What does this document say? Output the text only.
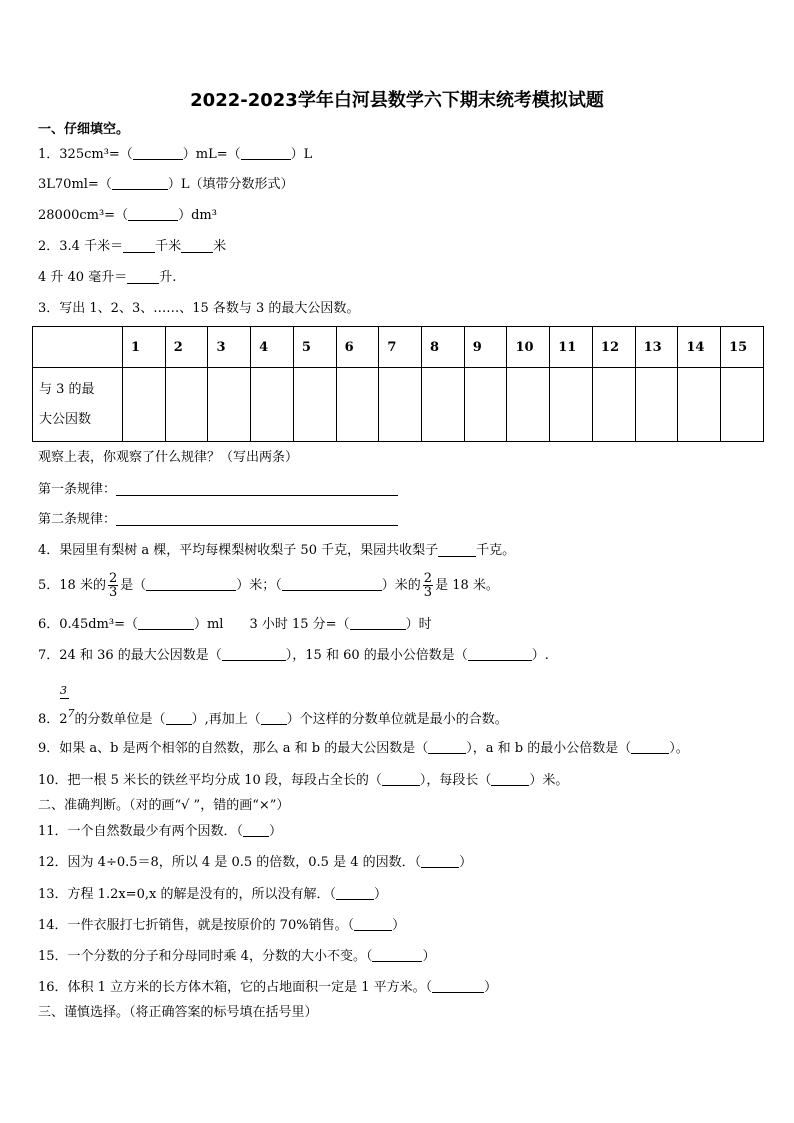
2022-2023学年白河县数学六下期末统考模拟试题
一、仔细填空。
1．325cm³=（	）mL=（	）L
3L70ml=（	）L（填带分数形式）
28000cm³=（	）dm³
2．3.4 千米＝ 千米 米
4 升 40 毫升＝ 升.
3．写出 1、2、3、……、15 各数与 3 的最大公因数。
	1	2	3	4	5	6	7	8	9	10	11	12	13	14	15

与 3 的最
大公因数															

观察上表，你观察了什么规律？（写出两条）
第一条规律：
第二条规律：
4．果园里有梨树 a 棵，平均每棵梨树收梨子 50 千克，果园共收梨子	千克。
5．18 米的 $\frac{2}{3}$ 是（	）米；（	）米的 $\frac{2}{3}$ 是 18 米。
6．0.45dm³=（	）ml　　3 小时 15 分=（	）时
7．24 和 36 的最大公因数是（	），15 和 60 的最小公倍数是（	）.
3
8．$2^7$的分数单位是（ ）,再加上（ ）个这样的分数单位就是最小的合数。
9．如果 a、b 是两个相邻的自然数，那么 a 和 b 的最大公因数是（	），a 和 b 的最小公倍数是（	）。
10．把一根 5 米长的铁丝平均分成 10 段，每段占全长的（	），每段长（	）米。
二、准确判断。（对的画“√ ”，错的画“×”）
11．一个自然数最少有两个因数．（ ）
12．因为 4÷0.5＝8，所以 4 是 0.5 的倍数，0.5 是 4 的因数．（	）
13．方程 1.2x=0,x 的解是没有的，所以没有解．（	）
14．一件衣服打七折销售，就是按原价的 70%销售。（	）
15．一个分数的分子和分母同时乘 4，分数的大小不变。（	）
16．体积 1 立方米的长方体木箱，它的占地面积一定是 1 平方米。（	）
三、谨慎选择。（将正确答案的标号填在括号里）
